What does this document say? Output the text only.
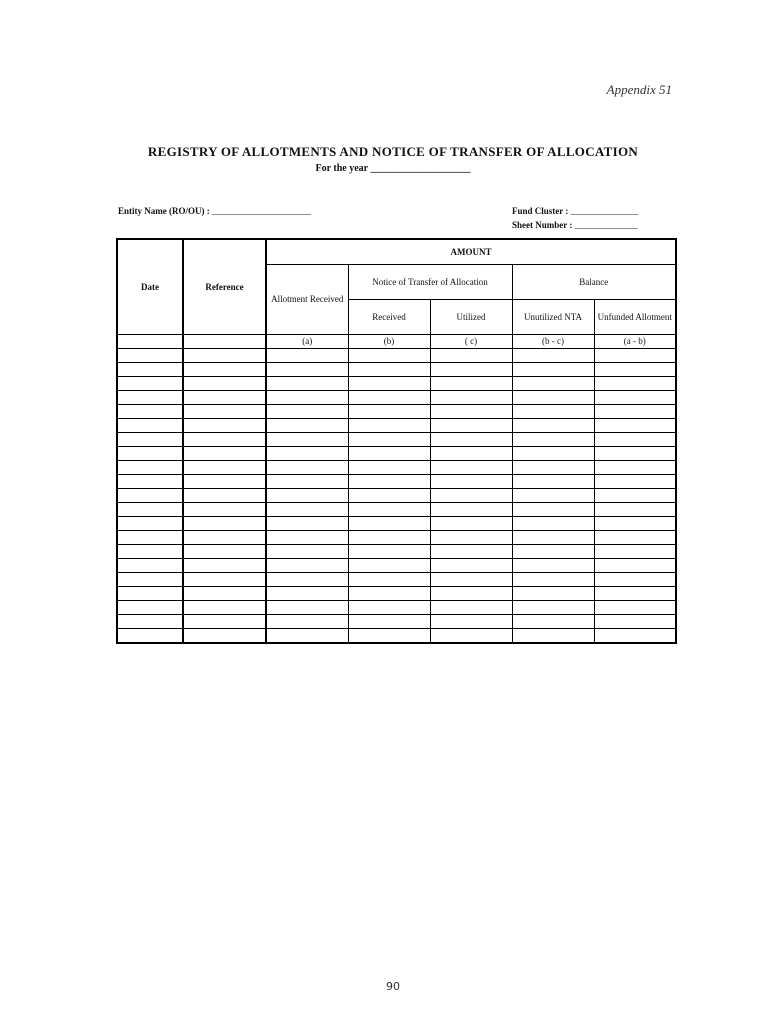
Appendix 51
REGISTRY OF ALLOTMENTS AND NOTICE OF TRANSFER OF ALLOCATION
For the year ____________________
Entity Name (RO/OU) : ______________________	Fund Cluster : _______________
Sheet Number : ______________
Date	Reference	AMOUNT				
		Allotment Received	Notice of Transfer of Allocation		Balance	
			Received	Utilized	Unutilized NTA	Unfunded Allotment
		(a)	(b)	( c)	(b - c)	(a - b)

90
